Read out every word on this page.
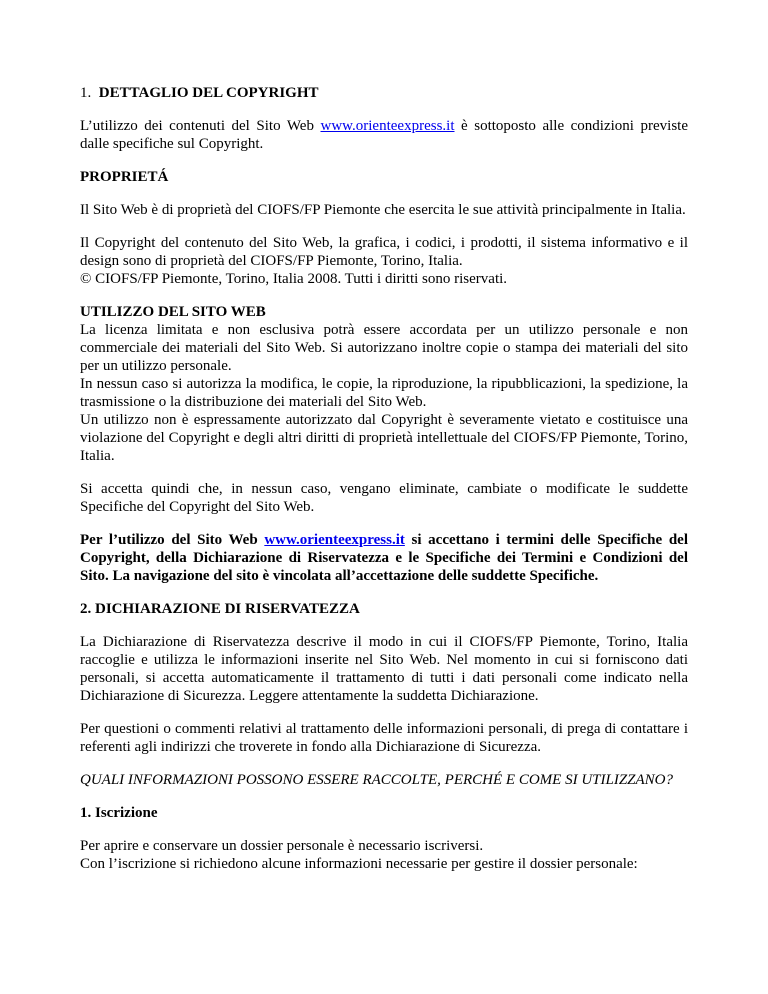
1. DETTAGLIO DEL COPYRIGHT

L’utilizzo dei contenuti del Sito Web www.orienteexpress.it è sottoposto alle condizioni previste dalle specifiche sul Copyright.

PROPRIETÁ

Il Sito Web è di proprietà del CIOFS/FP Piemonte che esercita le sue attività principalmente in Italia.

Il Copyright del contenuto del Sito Web, la grafica, i codici, i prodotti, il sistema informativo e il design sono di proprietà del CIOFS/FP Piemonte, Torino, Italia.

© CIOFS/FP Piemonte, Torino, Italia 2008. Tutti i diritti sono riservati.

UTILIZZO DEL SITO WEB

La licenza limitata e non esclusiva potrà essere accordata per un utilizzo personale e non commerciale dei materiali del Sito Web. Si autorizzano inoltre copie o stampa dei materiali del sito per un utilizzo personale.

In nessun caso si autorizza la modifica, le copie, la riproduzione, la ripubblicazioni, la spedizione, la trasmissione o la distribuzione dei materiali del Sito Web.

Un utilizzo non è espressamente autorizzato dal Copyright è severamente vietato e costituisce una violazione del Copyright e degli altri diritti di proprietà intellettuale del CIOFS/FP Piemonte, Torino, Italia.

Si accetta quindi che, in nessun caso, vengano eliminate, cambiate o modificate le suddette Specifiche del Copyright del Sito Web.

Per l’utilizzo del Sito Web www.orienteexpress.it si accettano i termini delle Specifiche del Copyright, della Dichiarazione di Riservatezza e le Specifiche dei Termini e Condizioni del Sito. La navigazione del sito è vincolata all’accettazione delle suddette Specifiche.

2. DICHIARAZIONE DI RISERVATEZZA

La Dichiarazione di Riservatezza descrive il modo in cui il CIOFS/FP Piemonte, Torino, Italia raccoglie e utilizza le informazioni inserite nel Sito Web. Nel momento in cui si forniscono dati personali, si accetta automaticamente il trattamento di tutti i dati personali come indicato nella Dichiarazione di Sicurezza. Leggere attentamente la suddetta Dichiarazione.

Per questioni o commenti relativi al trattamento delle informazioni personali, di prega di contattare i referenti agli indirizzi che troverete in fondo alla Dichiarazione di Sicurezza.

QUALI INFORMAZIONI POSSONO ESSERE RACCOLTE, PERCHÉ E COME SI UTILIZZANO?

1. Iscrizione

Per aprire e conservare un dossier personale è necessario iscriversi.

Con l’iscrizione si richiedono alcune informazioni necessarie per gestire il dossier personale:
